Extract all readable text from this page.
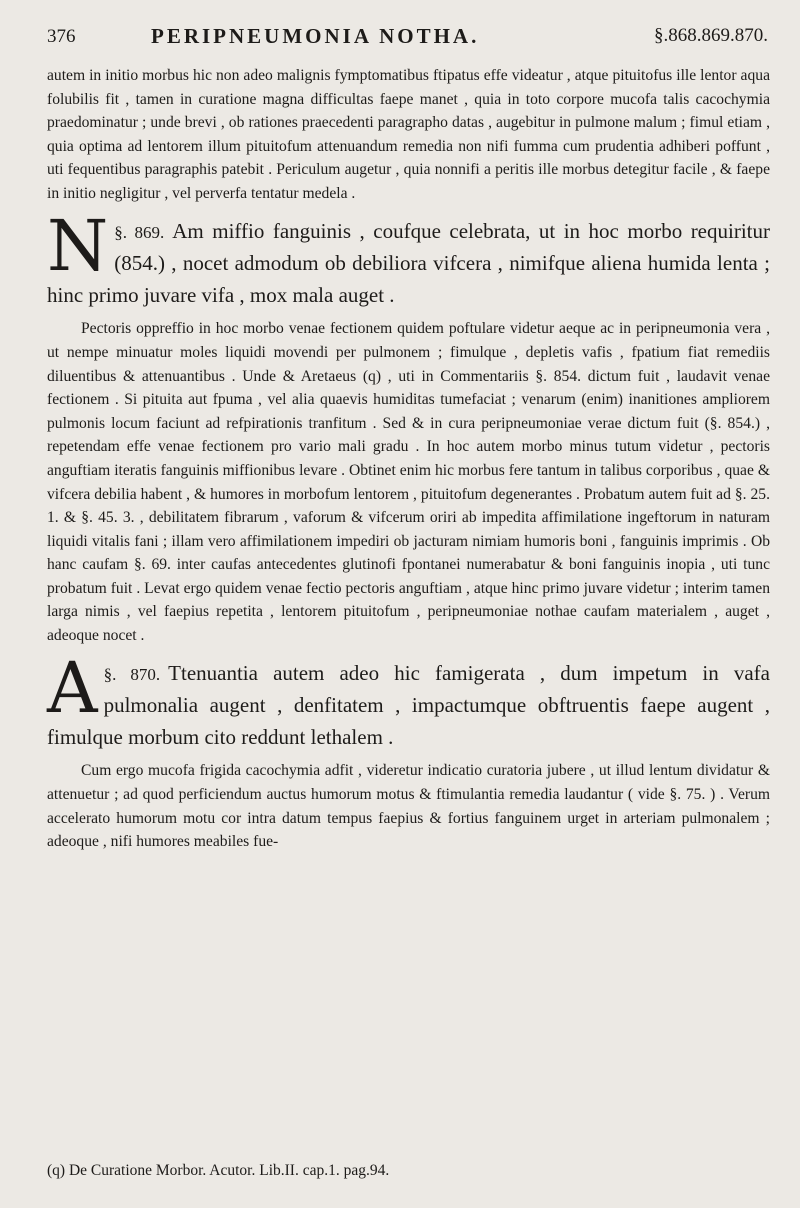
376	PERIPNEUMONIA NOTHA.	§.868.869.870.

autem in initio morbus hic non adeo malignis fymptomatibus ftipatus effe videatur , atque pituitofus ille lentor aqua folubilis fit , tamen in curatione magna difficultas faepe manet , quia in toto corpore mucofa talis cacochymia praedominatur ; unde brevi , ob rationes praecedenti paragrapho datas , augebitur in pulmone malum ; fimul etiam , quia optima ad lentorem illum pituitofum attenuandum remedia non nifi fumma cum prudentia adhiberi poffunt , uti fequentibus paragraphis patebit . Periculum augetur , quia nonnifi a peritis ille morbus detegitur facile , & faepe in initio negligitur , vel perverfa tentatur medela .

§. 869.
N	Am miffio fanguinis , coufque celebrata, ut in hoc morbo requiritur (854.) , nocet admodum ob debiliora vifcera , nimifque aliena humida lenta ; hinc primo juvare vifa , mox mala auget .

Pectoris oppreffio in hoc morbo venae fectionem quidem poftulare videtur aeque ac in peripneumonia vera , ut nempe minuatur moles liquidi movendi per pulmonem ; fimulque , depletis vafis , fpatium fiat remediis diluentibus & attenuantibus . Unde & Aretaeus (q) , uti in Commentariis §. 854. dictum fuit , laudavit venae fectionem . Si pituita aut fpuma , vel alia quaevis humiditas tumefaciat ; venarum (enim) inanitiones ampliorem pulmonis locum faciunt ad refpirationis tranfitum . Sed & in cura peripneumoniae verae dictum fuit (§. 854.) , repetendam effe venae fectionem pro vario mali gradu . In hoc autem morbo minus tutum videtur , pectoris anguftiam iteratis fanguinis miffionibus levare . Obtinet enim hic morbus fere tantum in talibus corporibus , quae & vifcera debilia habent , & humores in morbofum lentorem , pituitofum degenerantes . Probatum autem fuit ad §. 25. 1. & §. 45. 3. , debilitatem fibrarum , vaforum & vifcerum oriri ab impedita affimilatione ingeftorum in naturam liquidi vitalis fani ; illam vero affimilationem impediri ob jacturam nimiam humoris boni , fanguinis imprimis . Ob hanc caufam §. 69. inter caufas antecedentes glutinofi fpontanei numerabatur & boni fanguinis inopia , uti tunc probatum fuit . Levat ergo quidem venae fectio pectoris anguftiam , atque hinc primo juvare videtur ; interim tamen larga nimis , vel faepius repetita , lentorem pituitofum , peripneumoniae nothae caufam materialem , auget , adeoque nocet .

§. 870.
A	Ttenuantia autem adeo hic famigerata , dum impetum in vafa pulmonalia augent , denfitatem , impactumque obftruentis faepe augent , fimulque morbum cito reddunt lethalem .

Cum ergo mucofa frigida cacochymia adfit , videretur indicatio curatoria jubere , ut illud lentum dividatur & attenuetur ; ad quod perficiendum auctus humorum motus & ftimulantia remedia laudantur ( vide §. 75. ) . Verum accelerato humorum motu cor intra datum tempus faepius & fortius fanguinem urget in arteriam pulmonalem ; adeoque , nifi humores meabiles fue-

(q) De Curatione Morbor. Acutor. Lib.II. cap.1. pag.94.
